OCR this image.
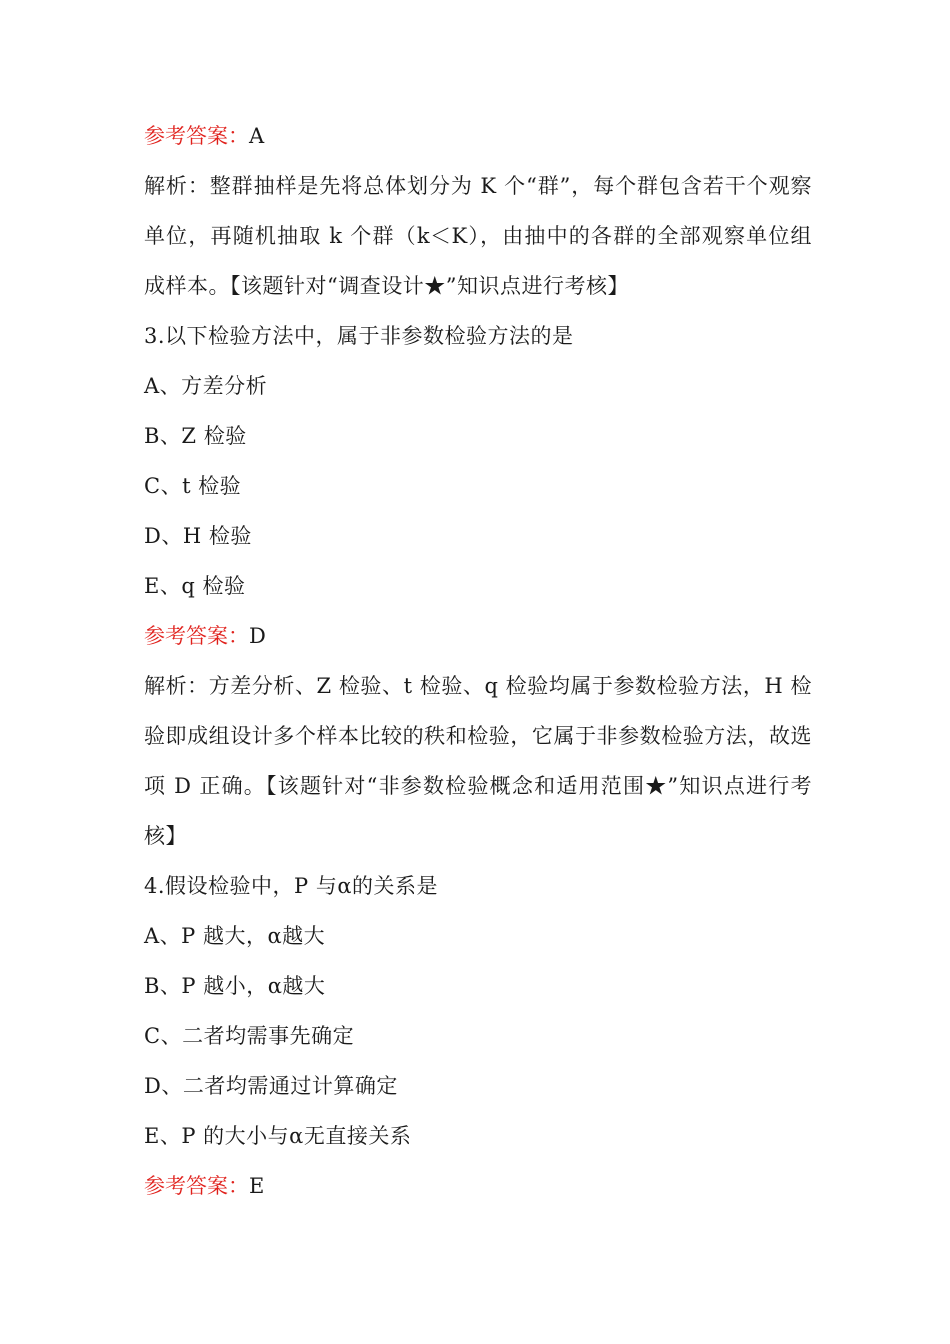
参考答案：A
解析：整群抽样是先将总体划分为 K 个“群”，每个群包含若干个观察单位，再随机抽取 k 个群（k＜K），由抽中的各群的全部观察单位组成样本。【该题针对“调查设计★”知识点进行考核】
3.以下检验方法中，属于非参数检验方法的是
A、方差分析
B、Z 检验
C、t 检验
D、H 检验
E、q 检验
参考答案：D
解析：方差分析、Z 检验、t 检验、q 检验均属于参数检验方法，H 检验即成组设计多个样本比较的秩和检验，它属于非参数检验方法，故选项 D 正确。【该题针对“非参数检验概念和适用范围★”知识点进行考核】
4.假设检验中，P 与α的关系是
A、P 越大，α越大
B、P 越小，α越大
C、二者均需事先确定
D、二者均需通过计算确定
E、P 的大小与α无直接关系
参考答案：E
